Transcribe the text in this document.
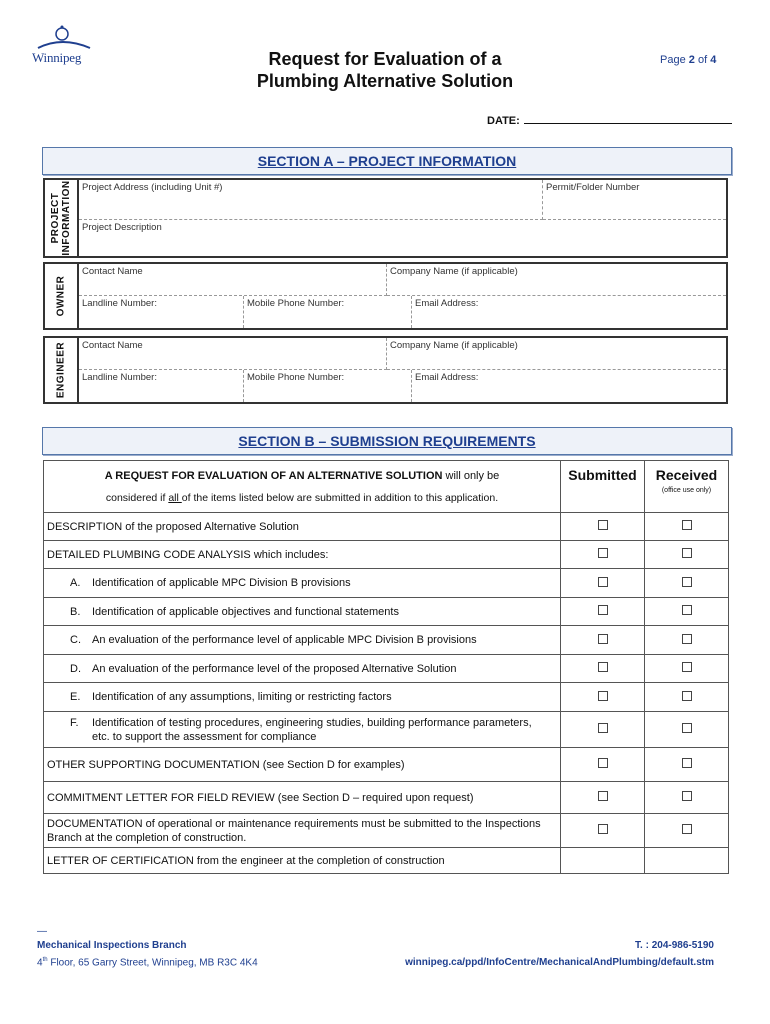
Winnipeg	Request for Evaluation of a
Plumbing Alternative Solution
Page 2 of 4
DATE:
SECTION A – PROJECT INFORMATION
PROJECT INFORMATION	Project Address (including Unit #)	Permit/Folder Number
Project Description
OWNER
Contact Name	Company Name (if applicable)
Landline Number:	Mobile Phone Number:	Email Address:
ENGINEER	Contact Name	Company Name (if applicable)
Landline Number:	Mobile Phone Number:	Email Address:
SECTION B – SUBMISSION REQUIREMENTS
A REQUEST FOR EVALUATION OF AN ALTERNATIVE SOLUTION will only be
considered if all of the items listed below are submitted in addition to this application.
	Submitted	Received
(office use only)

DESCRIPTION of the proposed Alternative Solution		
DETAILED PLUMBING CODE ANALYSIS which includes:		
A. Identification of applicable MPC Division B provisions		
B. Identification of applicable objectives and functional statements		
C. An evaluation of the performance level of applicable MPC Division B provisions		
D. An evaluation of the performance level of the proposed Alternative Solution		
E. Identification of any assumptions, limiting or restricting factors		

F. Identification of testing procedures, engineering studies, building performance parameters, etc. to support the assessment for compliance		

OTHER SUPPORTING DOCUMENTATION (see Section D for examples)		
COMMITMENT LETTER FOR FIELD REVIEW (see Section D – required upon request)		

DOCUMENTATION of operational or maintenance requirements must be submitted to the Inspections Branch at the completion of construction.		

LETTER OF CERTIFICATION from the engineer at the completion of construction		
—
Mechanical Inspections Branch
4th Floor, 65 Garry Street, Winnipeg, MB R3C 4K4
T. : 204-986-5190
winnipeg.ca/ppd/InfoCentre/MechanicalAndPlumbing/default.stm
